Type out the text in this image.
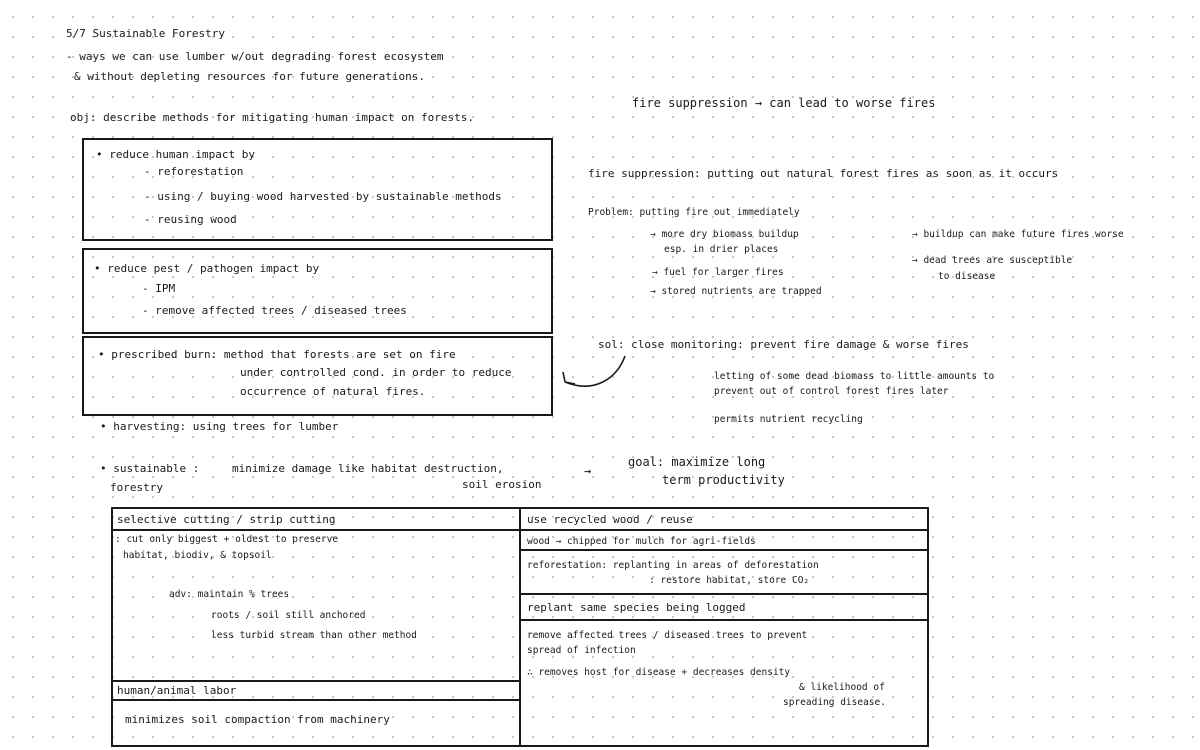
5/7 Sustainable Forestry
- ways we can use lumber w/out degrading forest ecosystem
& without depleting resources for future generations.
obj: describe methods for mitigating human impact on forests.
• reduce human impact by
- reforestation
- using / buying wood harvested by sustainable methods
- reusing wood
• reduce pest / pathogen impact by
- IPM
- remove affected trees / diseased trees
• prescribed burn: method that forests are set on fire
under controlled cond. in order to reduce
occurrence of natural fires.
• harvesting: using trees for lumber
• sustainable :
forestry
minimize damage like habitat destruction,
soil erosion
→
goal: maximize long
term productivity
fire suppression → can lead to worse fires
fire suppression: putting out natural forest fires as soon as it occurs
Problem: putting fire out immediately
→ more dry biomass buildup
esp. in drier places
→ fuel for larger fires
→ stored nutrients are trapped
→ buildup can make future fires worse
→ dead trees are susceptible
to disease
sol: close monitoring: prevent fire damage & worse fires
letting of some dead biomass to little amounts to
prevent out of control forest fires later
permits nutrient recycling
selective cutting / strip cutting
: cut only biggest + oldest to preserve
habitat, biodiv, & topsoil
adv: maintain % trees
roots / soil still anchored
less turbid stream than other method
human/animal labor
minimizes soil compaction from machinery
use recycled wood / reuse
wood → chipped for mulch for agri-fields
reforestation: replanting in areas of deforestation
: restore habitat, store CO₂
replant same species being logged
remove affected trees / diseased trees to prevent
spread of infection
∴ removes host for disease + decreases density
& likelihood of
spreading disease.
